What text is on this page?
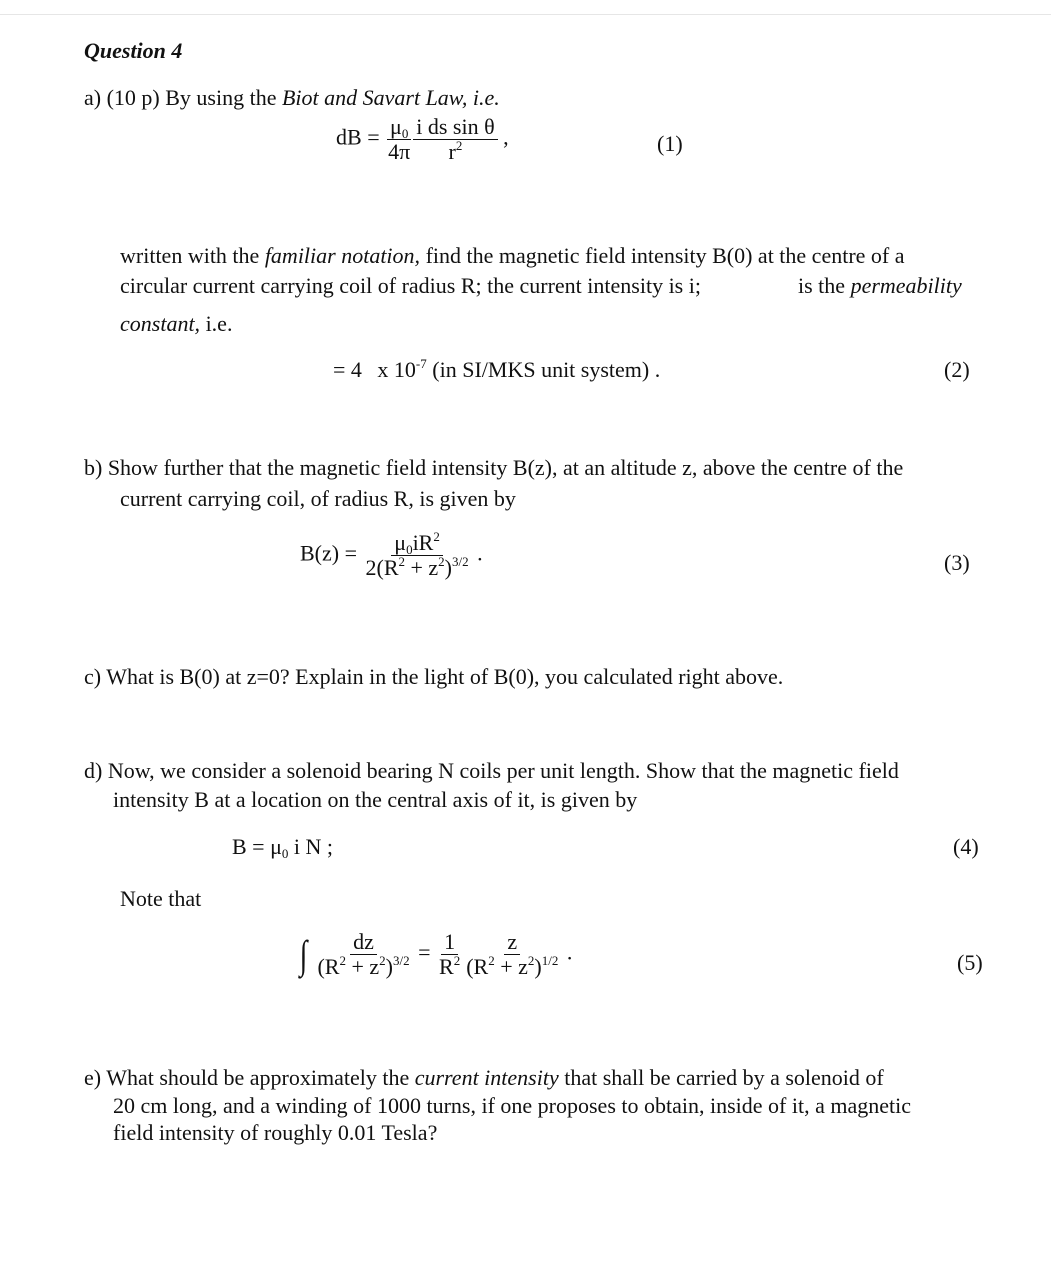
Question 4
a) (10 p) By using the Biot and Savart Law, i.e.
dB = $\frac{\mu_0}{4\pi} \frac{\text{i ds sin θ}}{r^2}$ ,	(1)
written with the familiar notation, find the magnetic field intensity B(0) at the centre of a
circular current carrying coil of radius R; the current intensity is i;	is the permeability
constant, i.e.
= 4 x $10^{-7}$ (in SI/MKS unit system) .	(2)
b) Show further that the magnetic field intensity B(z), at an altitude z, above the centre of the
current carrying coil, of radius R, is given by
$B(z) = \frac{\mu_0iR^2}{2(R^2 + z^2)^{3/2}}$ .	(3)
c) What is B(0) at z=0? Explain in the light of B(0), you calculated right above.
d) Now, we consider a solenoid bearing N coils per unit length. Show that the magnetic field
intensity B at a location on the central axis of it, is given by
$B = \mu_0$ i N ;	(4)
Note that
∫ $\frac{dz}{(R^2 + z^2)^{3/2}} = \frac{1}{R^2} \frac{z}{(R^2 + z^2)^{1/2}}$ .	(5)
e) What should be approximately the current intensity that shall be carried by a solenoid of
20 cm long, and a winding of 1000 turns, if one proposes to obtain, inside of it, a magnetic
field intensity of roughly 0.01 Tesla?
